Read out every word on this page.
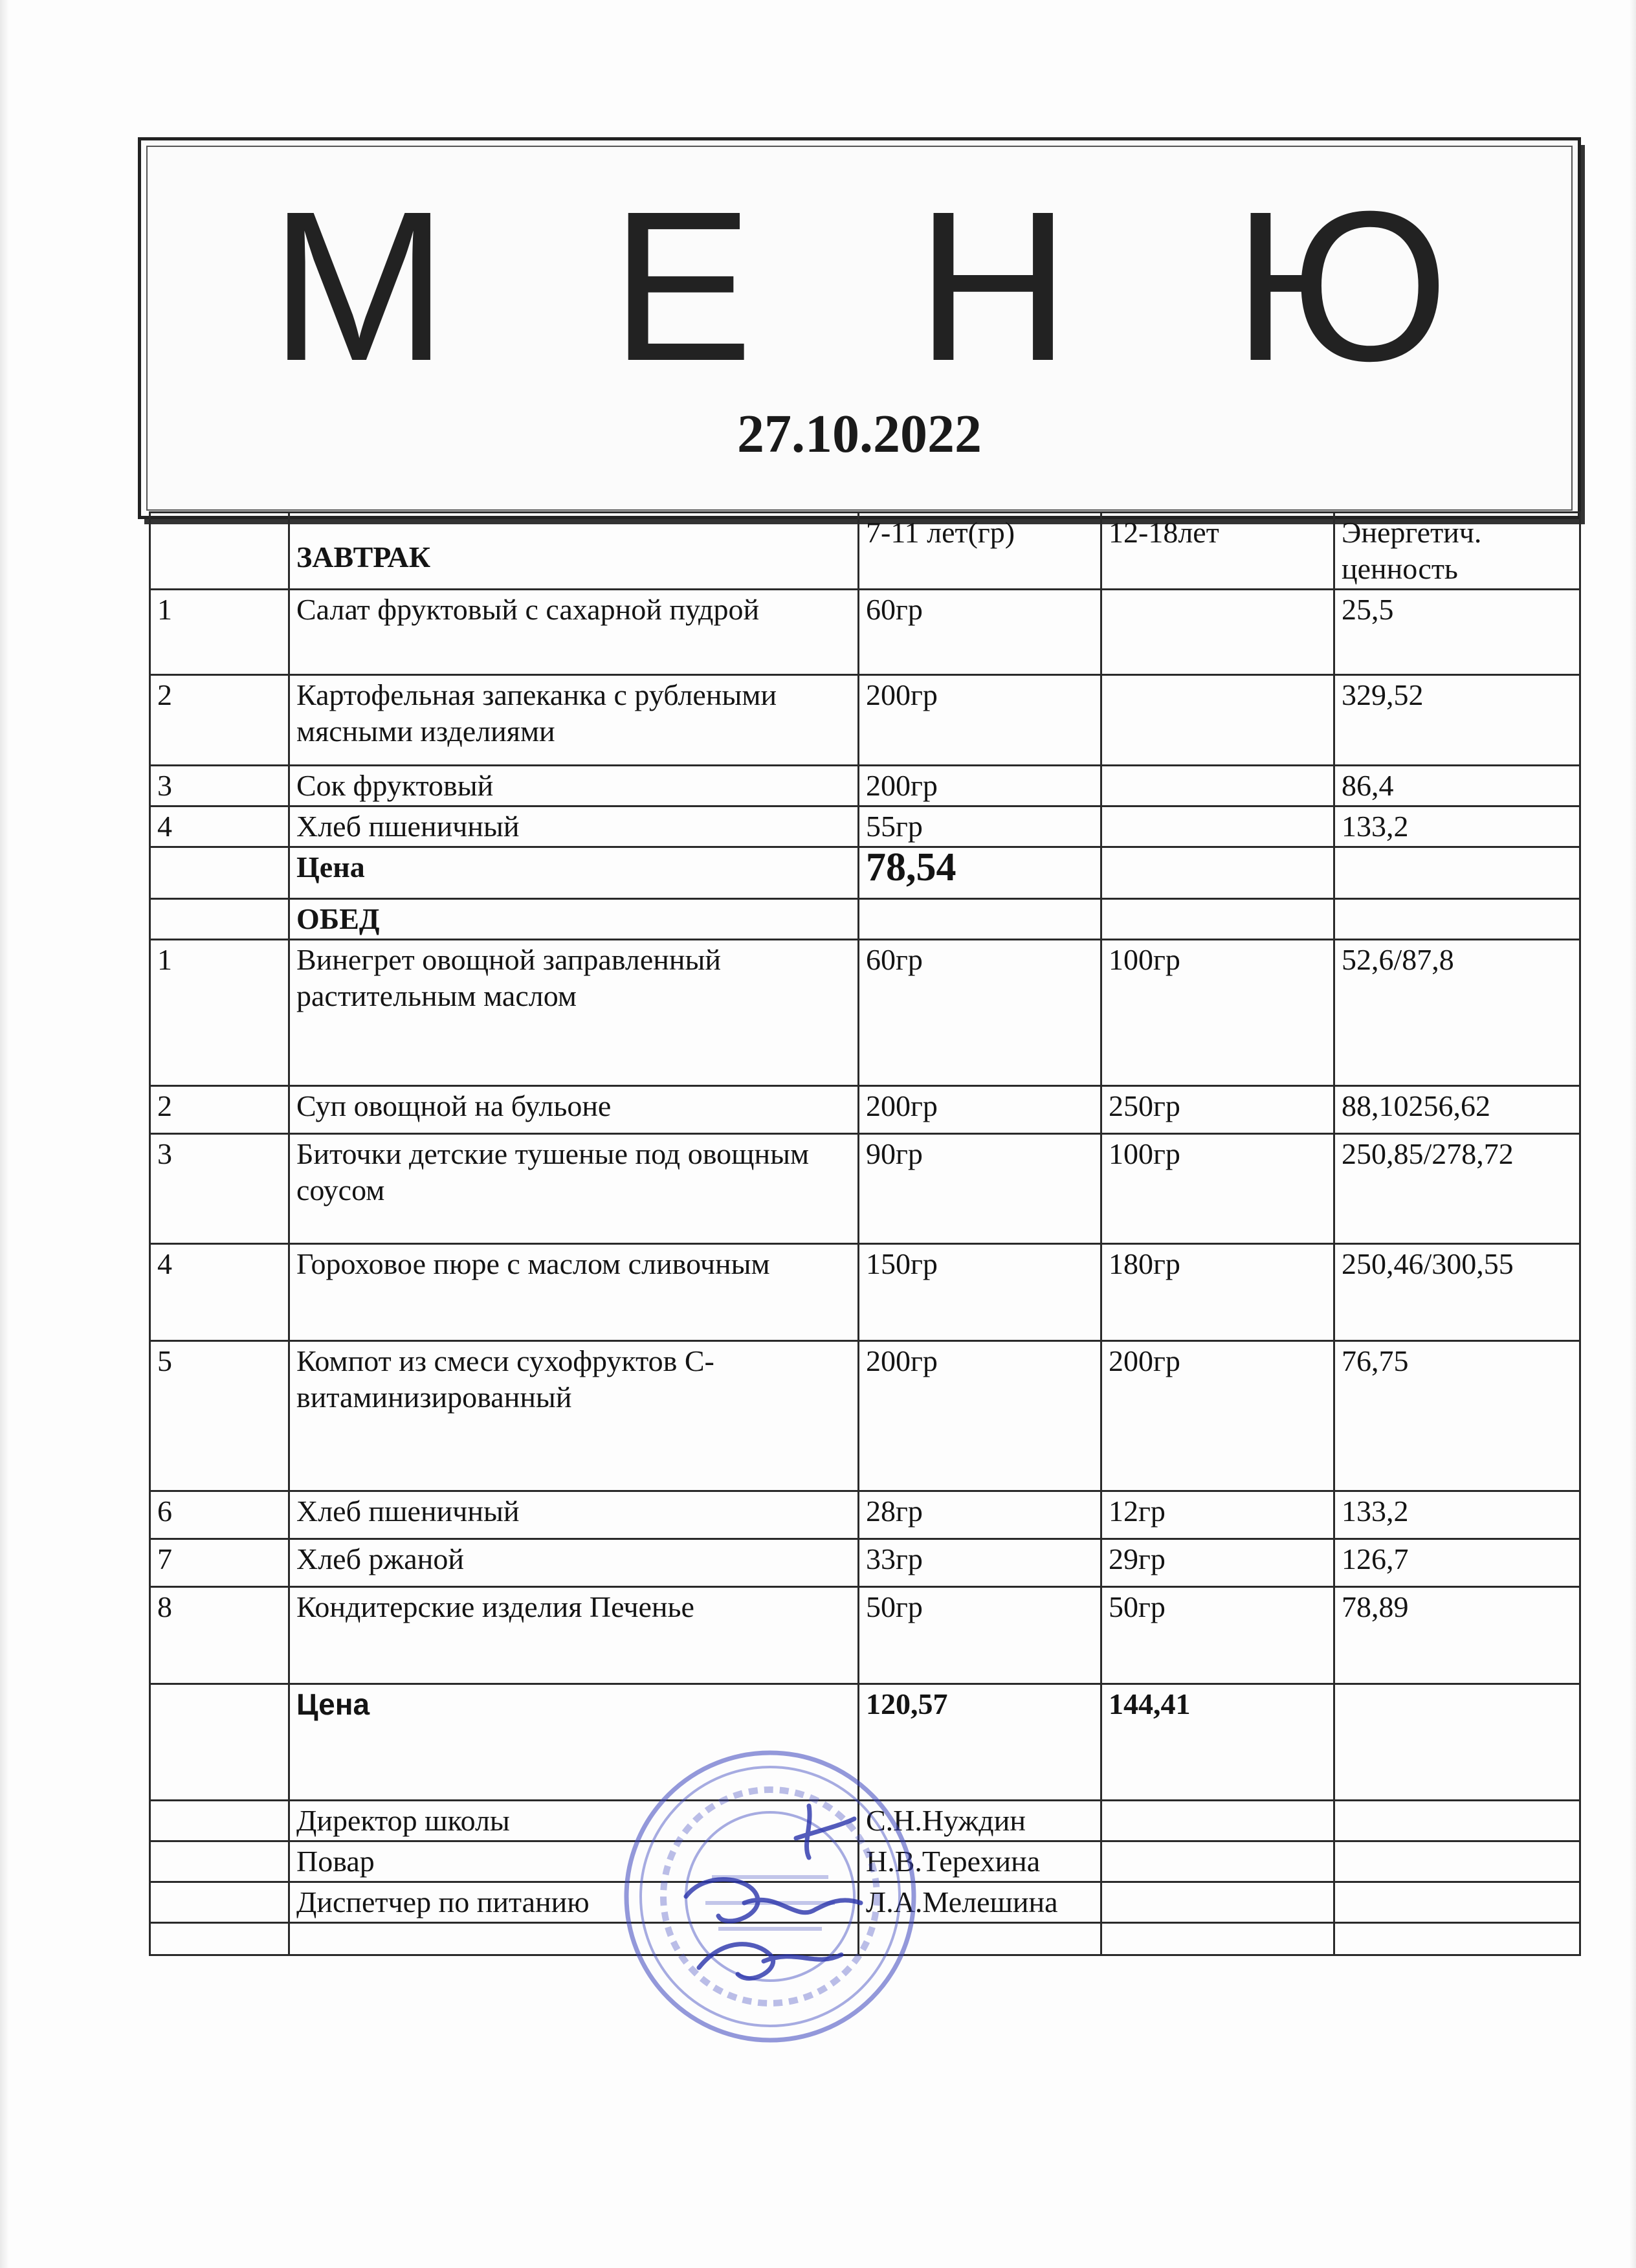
М Е Н Ю
27.10.2022
	ЗАВТРАК	7-11 лет(гр)	12-18лет	Энергетич. ценность
1	Салат фруктовый с сахарной пудрой	60гр		25,5
2	Картофельная запеканка с рублеными мясными изделиями	200гр		329,52
3	Сок фруктовый	200гр		86,4
4	Хлеб пшеничный	55гр		133,2
	Цена	78,54		
	ОБЕД			
1	Винегрет овощной заправленный растительным маслом	60гр	100гр	52,6/87,8
2	Суп овощной на бульоне	200гр	250гр	88,10256,62
3	Биточки детские тушеные под овощным соусом	90гр	100гр	250,85/278,72
4	Гороховое пюре с маслом сливочным	150гр	180гр	250,46/300,55
5	Компот из смеси сухофруктов С-витаминизированный	200гр	200гр	76,75
6	Хлеб пшеничный	28гр	12гр	133,2
7	Хлеб ржаной	33гр	29гр	126,7
8	Кондитерские изделия Печенье	50гр	50гр	78,89
	Цена	120,57	144,41	
	Директор школы	С.Н.Нуждин		
	Повар	Н.В.Терехина		
	Диспетчер по питанию	Л.А.Мелешина		
